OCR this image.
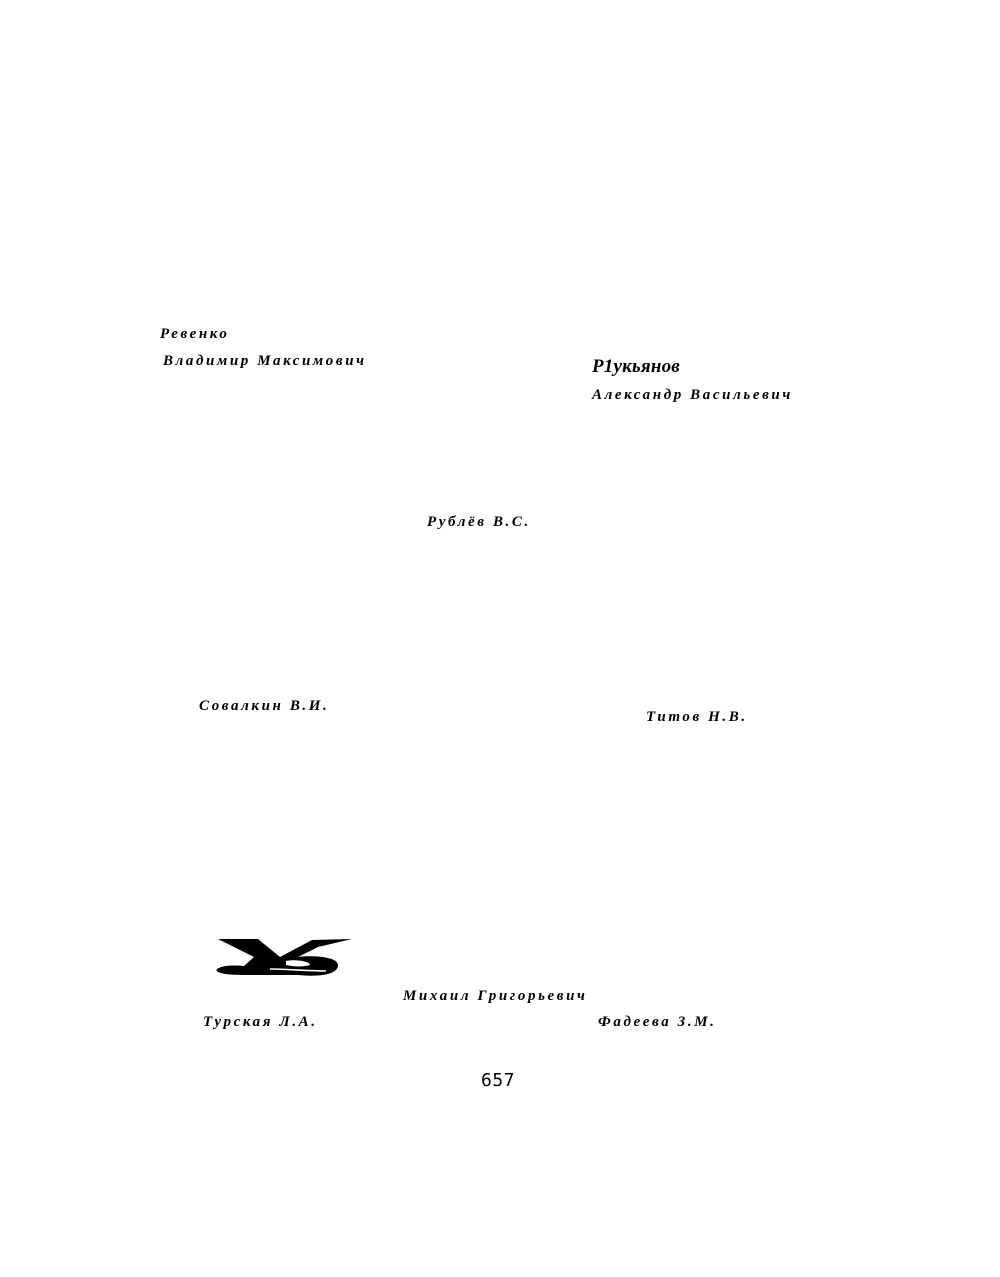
Ревенко
Владимир Максимович	Р1укьянов
Александр Васильевич
Рублёв В.С.
Совалкин В.И.
Титов Н.В.
Михаил Григорьевич
Турская Л.А.	Фадеева З.М.
657
